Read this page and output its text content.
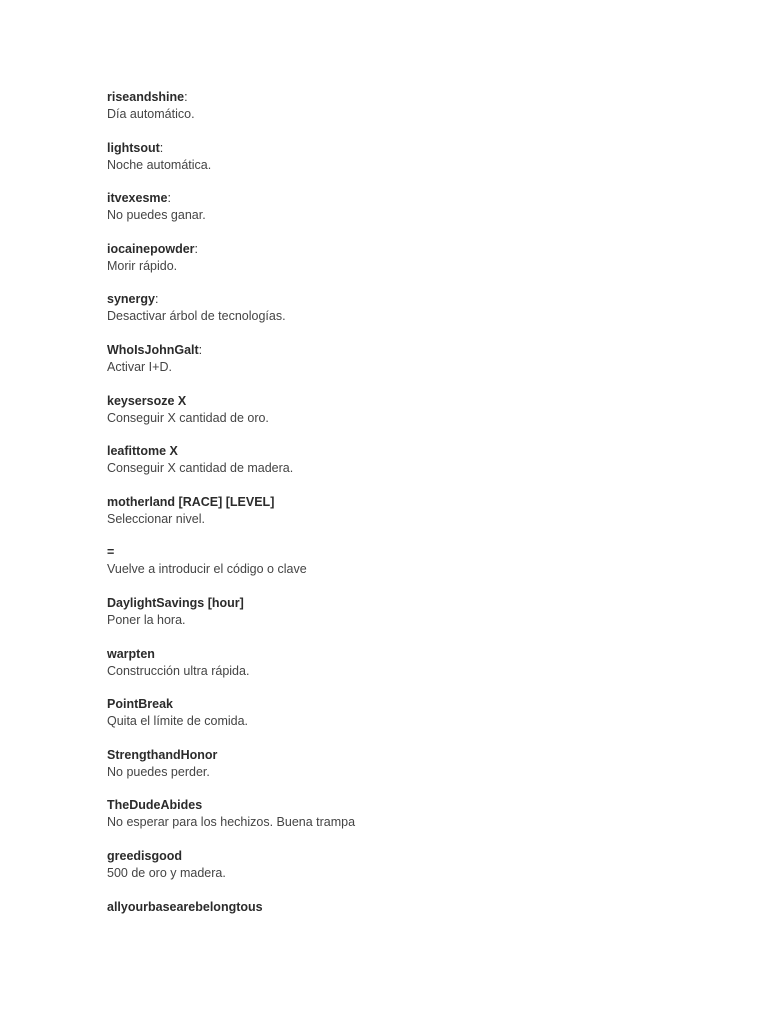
riseandshine:
Día automático.
lightsout:
Noche automática.
itvexesme:
No puedes ganar.
iocainepowder:
Morir rápido.
synergy:
Desactivar árbol de tecnologías.
WhoIsJohnGalt:
Activar I+D.
keysersoze X
Conseguir X cantidad de oro.
leafittome X
Conseguir X cantidad de madera.
motherland [RACE] [LEVEL]
Seleccionar nivel.
=
Vuelve a introducir el código o clave
DaylightSavings [hour]
Poner la hora.
warpten
Construcción ultra rápida.
PointBreak
Quita el límite de comida.
StrengthandHonor
No puedes perder.
TheDudeAbides
No esperar para los hechizos. Buena trampa
greedisgood
500 de oro y madera.
allyourbasearebelongtous
